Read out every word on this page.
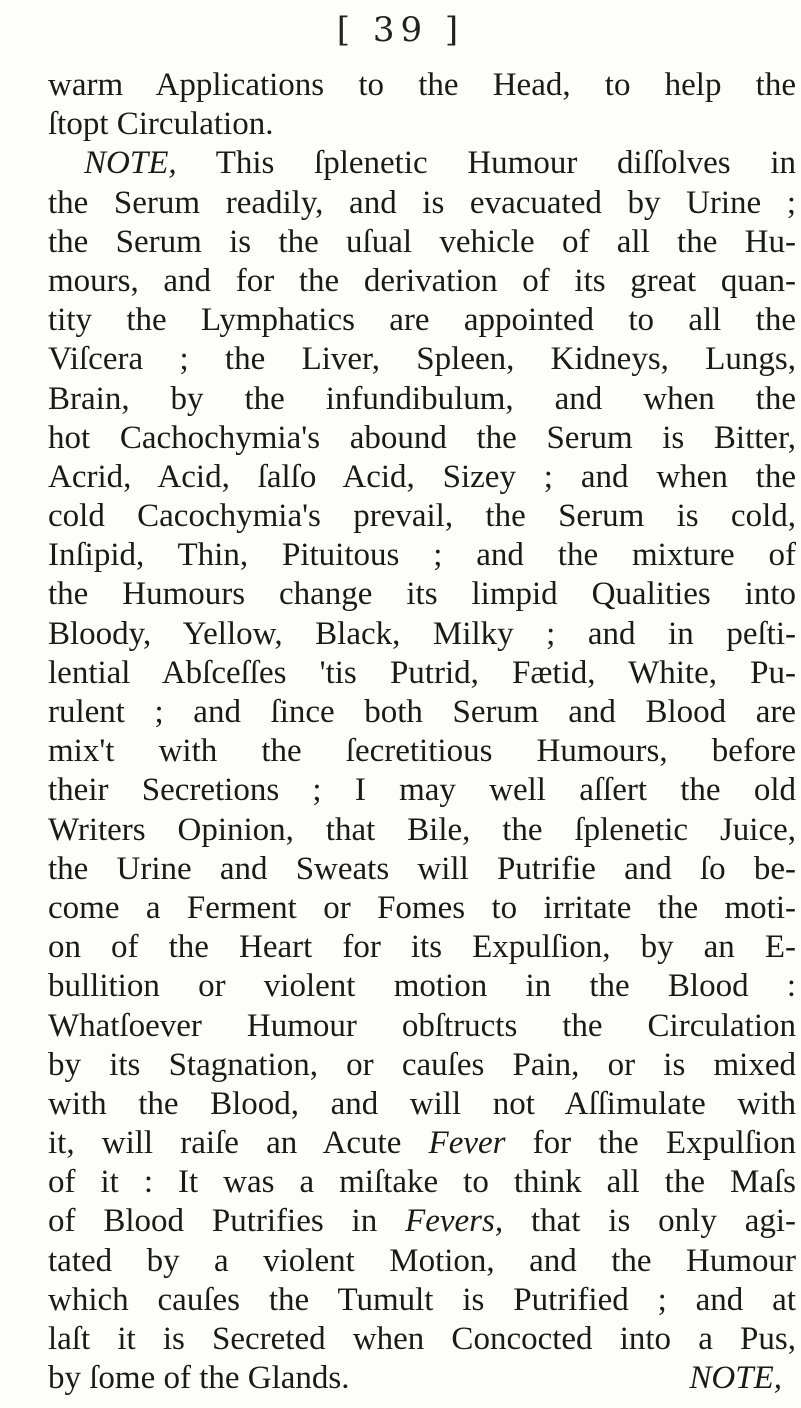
[ 39 ]
warm Applications to the Head, to help the
ſtopt Circulation.
NOTE, This ſplenetic Humour diſſolves in
the Serum readily, and is evacuated by Urine ;
the Serum is the uſual vehicle of all the Hu-
mours, and for the derivation of its great quan-
tity the Lymphatics are appointed to all the
Viſcera ; the Liver, Spleen, Kidneys, Lungs,
Brain, by the infundibulum, and when the
hot Cachochymia's abound the Serum is Bitter,
Acrid, Acid, ſalſo Acid, Sizey ; and when the
cold Cacochymia's prevail, the Serum is cold,
Inſipid, Thin, Pituitous ; and the mixture of
the Humours change its limpid Qualities into
Bloody, Yellow, Black, Milky ; and in peſti-
lential Abſceſſes 'tis Putrid, Fætid, White, Pu-
rulent ; and ſince both Serum and Blood are
mix't with the ſecretitious Humours, before
their Secretions ; I may well aſſert the old
Writers Opinion, that Bile, the ſplenetic Juice,
the Urine and Sweats will Putrifie and ſo be-
come a Ferment or Fomes to irritate the moti-
on of the Heart for its Expulſion, by an E-
bullition or violent motion in the Blood :
Whatſoever Humour obſtructs the Circulation
by its Stagnation, or cauſes Pain, or is mixed
with the Blood, and will not Aſſimulate with
it, will raiſe an Acute Fever for the Expulſion
of it : It was a miſtake to think all the Maſs
of Blood Putrifies in Fevers, that is only agi-
tated by a violent Motion, and the Humour
which cauſes the Tumult is Putrified ; and at
laſt it is Secreted when Concocted into a Pus,
by ſome of the Glands.	NOTE,
